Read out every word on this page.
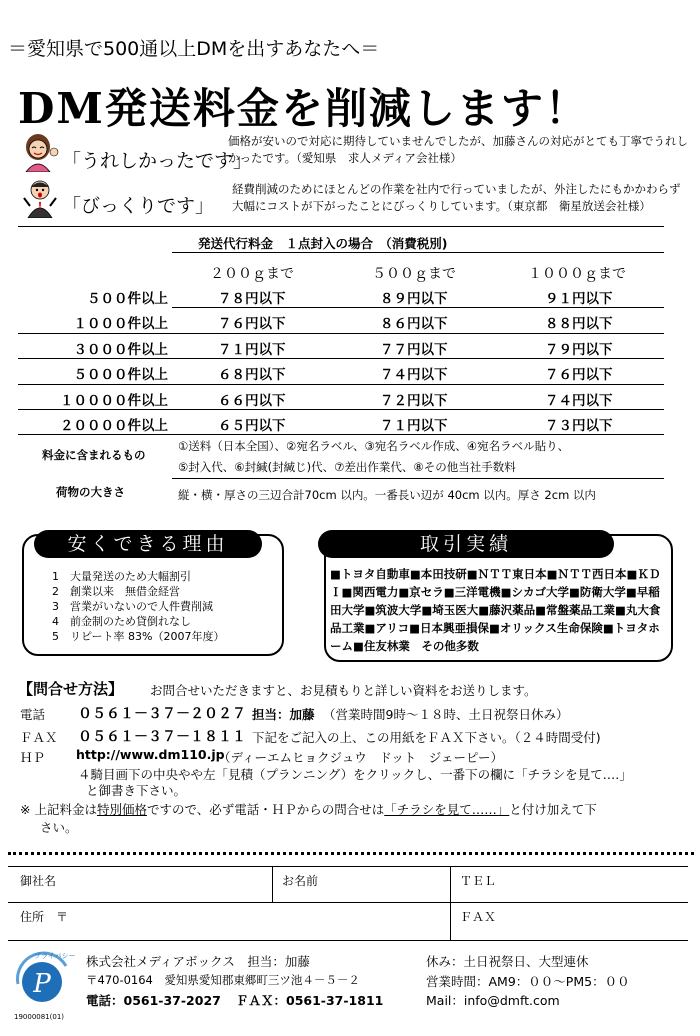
＝愛知県で500通以上DMを出すあなたへ＝
DM発送料金を削減します！
「うれしかったです」
価格が安いので対応に期待していませんでしたが、加藤さんの対応がとても丁寧でうれしかったです。（愛知県　求人メディア会社様）
「びっくりです」
経費削減のためにほとんどの作業を社内で行っていましたが、外注したにもかかわらず大幅にコストが下がったことにびっくりしています。（東京都　衛星放送会社様）
発送代行料金　１点封入の場合　（消費税別)
２００ｇまで	５００ｇまで	１０００ｇまで
５００件以上	７８円以下	８９円以下	９１円以下
１０００件以上	７６円以下	８６円以下	８８円以下
３０００件以上	７１円以下	７７円以下	７９円以下
５０００件以上	６８円以下	７４円以下	７６円以下
１００００件以上	６６円以下	７２円以下	７４円以下
２００００件以上	６５円以下	７１円以下	７３円以下
料金に含まれるもの
①送料（日本全国）、②宛名ラベル、③宛名ラベル作成、④宛名ラベル貼り、
⑤封入代、⑥封緘(封緘じ)代、⑦差出作業代、⑧その他当社手数料
荷物の大きさ	縦・横・厚さの三辺合計70cm 以内。一番長い辺が 40cm 以内。厚さ 2cm 以内
安くできる理由
1　大量発送のため大幅割引
2　創業以来　無借金経営
3　営業がいないので人件費削減
4　前金制のため貸倒れなし
5　リピート率 83%（2007年度）
取引実績
■トヨタ自動車■本田技研■ＮＴＴ東日本■ＮＴＴ西日本■ＫＤＩ■関西電力■京セラ■三洋電機■シカゴ大学■防衛大学■早稲田大学■筑波大学■埼玉医大■藤沢薬品■常盤薬品工業■丸大食品工業■アリコ■日本興亜損保■オリックス生命保険■トヨタホーム■住友林業　その他多数
【問合せ方法】 お問合せいただきますと、お見積もりと詳しい資料をお送りします。
電話 ０５６１－３７－２０２７ 担当：加藤 （営業時間9時～１８時、土日祝祭日休み）
ＦＡＸ ０５６１－３７－１８１１ 下記をご記入の上、この用紙をＦＡＸ下さい。（２４時間受付)
ＨＰ http://www.dm110.jp
（ディーエムヒョクジュウ　ドット　ジェーピー）
４騎目画下の中央やや左「見積（プランニング）をクリックし、一番下の欄に「チラシを見て‥‥」
と御書き下さい。
※ 上記料金は特別価格ですので、必ず電話・ＨＰからの問合せは「チラシを見て‥‥‥」と付け加えて下
さい。
御社名	お名前	ＴＥＬ
住所　〒	ＦＡＸ
P
プライバシー
19000081(01)
株式会社メディアボックス　担当：加藤
〒470-0164　愛知県愛知郡東郷町三ツ池４－５－２
電話：0561-37-2027 ＦＡＸ：0561-37-1811
休み：土日祝祭日、大型連休
営業時間：AM9：００～PM5：００
Mail：info@dmft.com
